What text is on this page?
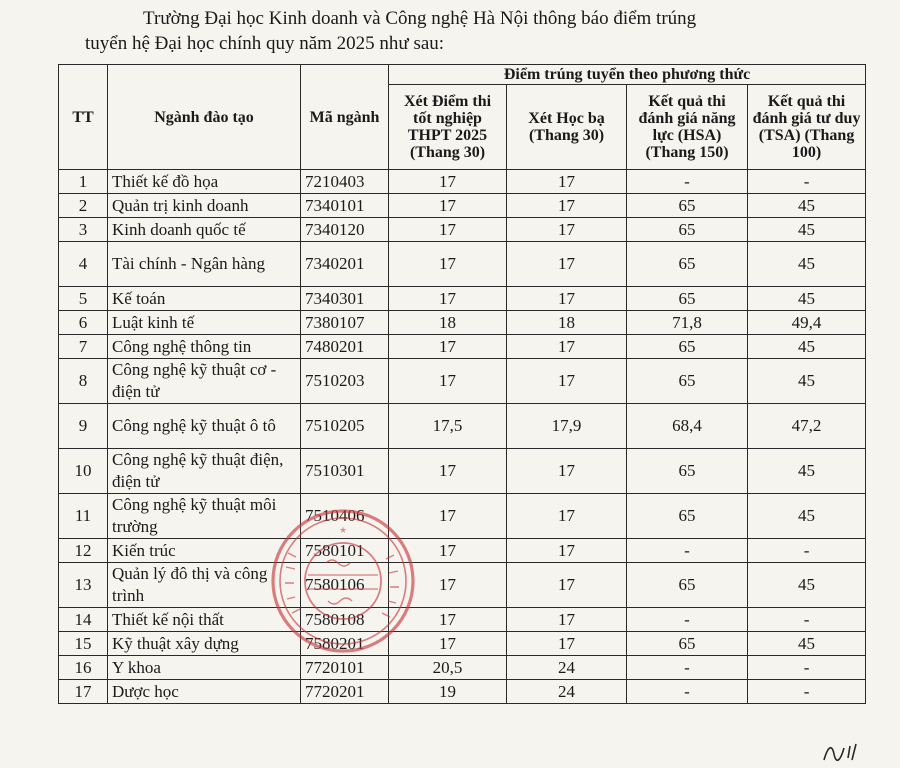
Trường Đại học Kinh doanh và Công nghệ Hà Nội thông báo điểm trúng
tuyển hệ Đại học chính quy năm 2025 như sau:
TT	Ngành đào tạo	Mã ngành	Điểm trúng tuyển theo phương thức			
			Xét Điểm thi tốt nghiệp THPT 2025 (Thang 30)	Xét Học bạ (Thang 30)	Kết quả thi đánh giá năng lực (HSA) (Thang 150)	Kết quả thi đánh giá tư duy (TSA) (Thang 100)
1	Thiết kế đồ họa	7210403	17	17	-	-
2	Quản trị kinh doanh	7340101	17	17	65	45
3	Kinh doanh quốc tế	7340120	17	17	65	45
4	Tài chính - Ngân hàng	7340201	17	17	65	45
5	Kế toán	7340301	17	17	65	45
6	Luật kinh tế	7380107	18	18	71,8	49,4
7	Công nghệ thông tin	7480201	17	17	65	45
8	Công nghệ kỹ thuật cơ - điện tử	7510203	17	17	65	45
9	Công nghệ kỹ thuật ô tô	7510205	17,5	17,9	68,4	47,2
10	Công nghệ kỹ thuật điện, điện tử	7510301	17	17	65	45
11	Công nghệ kỹ thuật môi trường	7510406	17	17	65	45
12	Kiến trúc	7580101	17	17	-	-
13	Quản lý đô thị và công trình	7580106	17	17	65	45
14	Thiết kế nội thất	7580108	17	17	-	-
15	Kỹ thuật xây dựng	7580201	17	17	65	45
16	Y khoa	7720101	20,5	24	-	-
17	Dược học	7720201	19	24	-	-
★
